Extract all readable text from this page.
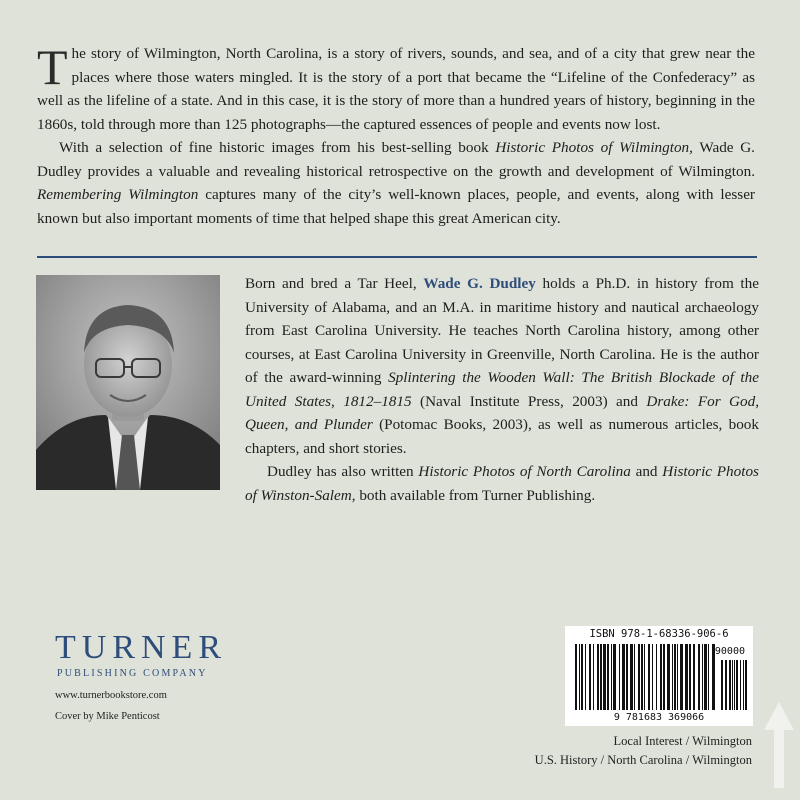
The story of Wilmington, North Carolina, is a story of rivers, sounds, and sea, and of a city that grew near the places where those waters mingled. It is the story of a port that became the “Lifeline of the Confederacy” as well as the lifeline of a state. And in this case, it is the story of more than a hundred years of history, beginning in the 1860s, told through more than 125 photographs—the captured essences of people and events now lost.

With a selection of fine historic images from his best-selling book Historic Photos of Wilmington, Wade G. Dudley provides a valuable and revealing historical retrospective on the growth and development of Wilmington. Remembering Wilmington captures many of the city’s well-known places, people, and events, along with lesser known but also important moments of time that helped shape this great American city.

Born and bred a Tar Heel, Wade G. Dudley holds a Ph.D. in history from the University of Alabama, and an M.A. in maritime history and nautical archaeology from East Carolina University. He teaches North Carolina history, among other courses, at East Carolina University in Greenville, North Carolina. He is the author of the award-winning Splintering the Wooden Wall: The British Blockade of the United States, 1812–1815 (Naval Institute Press, 2003) and Drake: For God, Queen, and Plunder (Potomac Books, 2003), as well as numerous articles, book chapters, and short stories.

Dudley has also written Historic Photos of North Carolina and Historic Photos of Winston-Salem, both available from Turner Publishing.

TURNER
PUBLISHING COMPANY
www.turnerbookstore.com
Cover by Mike Penticost
ISBN 978-1-68336-906-6
90000
9 781683 369066
Local Interest / Wilmington
U.S. History / North Carolina / Wilmington
